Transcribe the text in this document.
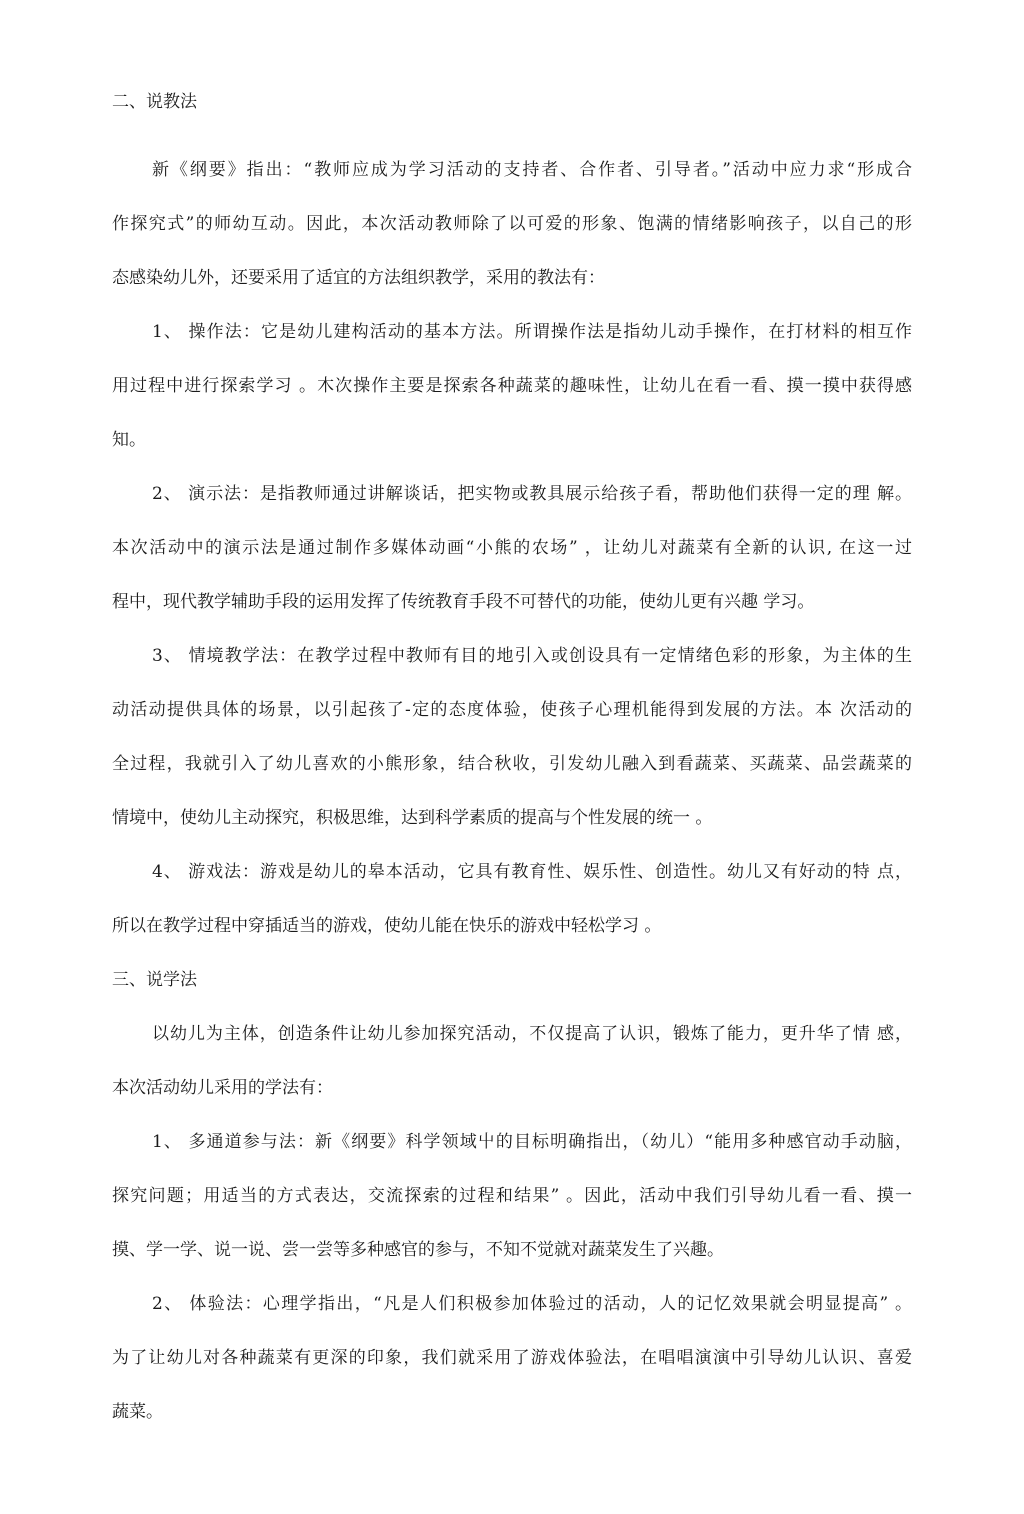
二、说教法
新《纲要》指出：“教师应成为学习活动的支持者、合作者、引导者。”活动中应力求“形成合
作探究式”的师幼互动。因此，本次活动教师除了以可爱的形象、饱满的情绪影响孩子，以自己的形
态感染幼儿外，还要采用了适宜的方法组织教学，采用的教法有：
1、 操作法：它是幼儿建构活动的基本方法。所谓操作法是指幼儿动手操作，在打材料的相互作
用过程中进行探索学习 。木次操作主要是探索各种蔬菜的趣味性，让幼儿在看一看、摸一摸中获得感
知。
2、 演示法：是指教师通过讲解谈话，把实物或教具展示给孩子看，帮助他们获得一定的理 解。
本次活动中的演示法是通过制作多媒体动画“小熊的农场” ，让幼儿对蔬菜有全新的认识, 在这一过
程中，现代教学辅助手段的运用发挥了传统教育手段不可替代的功能，使幼儿更有兴趣 学习。
3、 情境教学法：在教学过程中教师有目的地引入或创设具有一定情绪色彩的形象，为主体的生
动活动提供具体的场景，以引起孩了-定的态度体验，使孩子心理机能得到发展的方法。本 次活动的
全过程，我就引入了幼儿喜欢的小熊形象，结合秋收，引发幼儿融入到看蔬菜、买蔬菜、品尝蔬菜的
情境中，使幼儿主动探究，积极思维，达到科学素质的提高与个性发展的统一 。
4、 游戏法：游戏是幼儿的皋本活动，它具有教育性、娱乐性、创造性。幼儿又有好动的特 点，
所以在教学过程中穿插适当的游戏，使幼儿能在快乐的游戏中轻松学习 。
三、说学法
以幼儿为主体，创造条件让幼儿参加探究活动，不仅提高了认识，锻炼了能力，更升华了情 感，
本次活动幼儿采用的学法有：
1、 多通道参与法：新《纲要》科学领域屮的目标明确指出，（幼儿）“能用多种感官动手动脑，
探究问题；用适当的方式表达，交流探索的过程和结果” 。因此，活动中我们引导幼儿看一看、摸一
摸、学一学、说一说、尝一尝等多种感官的参与，不知不觉就对蔬菜发生了兴趣。
2、 体验法：心理学指出，“凡是人们积极参加体验过的活动，人的记忆效果就会明显提高” 。
为了让幼儿对各种蔬菜有更深的印象，我们就采用了游戏体验法，在唱唱演演中引导幼儿认识、喜爱
蔬菜。
